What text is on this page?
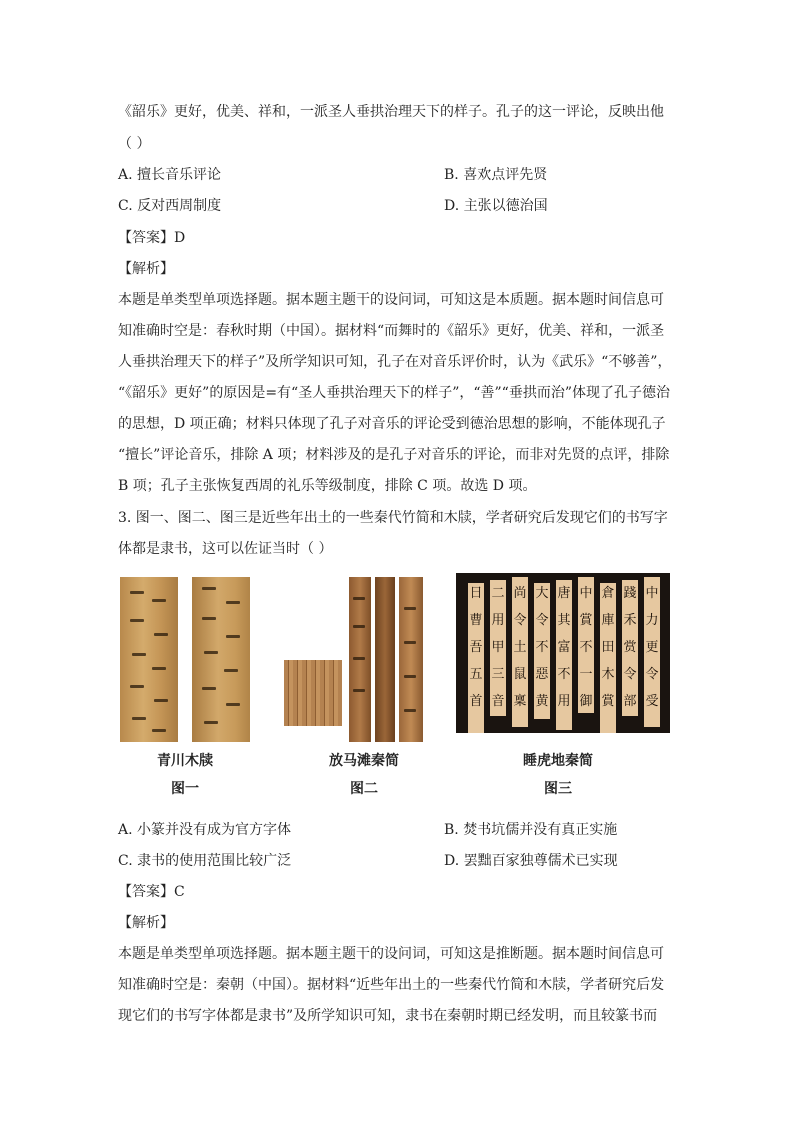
《韶乐》更好，优美、祥和，一派圣人垂拱治理天下的样子。孔子的这一评论，反映出他
（ ）
A. 擅长音乐评论	B. 喜欢点评先贤
C. 反对西周制度	D. 主张以德治国
【答案】D
【解析】
本题是单类型单项选择题。据本题主题干的设问词，可知这是本质题。据本题时间信息可
知准确时空是：春秋时期（中国）。据材料“而舞时的《韶乐》更好，优美、祥和，一派圣
人垂拱治理天下的样子”及所学知识可知，孔子在对音乐评价时，认为《武乐》“不够善”，
“《韶乐》更好”的原因是=有“圣人垂拱治理天下的样子”，“善”“垂拱而治”体现了孔子德治
的思想，D 项正确；材料只体现了孔子对音乐的评论受到德治思想的影响，不能体现孔子
“擅长”评论音乐，排除 A 项；材料涉及的是孔子对音乐的评论，而非对先贤的点评，排除
B 项；孔子主张恢复西周的礼乐等级制度，排除 C 项。故选 D 项。
3. 图一、图二、图三是近些年出土的一些秦代竹简和木牍，学者研究后发现它们的书写字
体都是隶书，这可以佐证当时（ ）
青川木牍
图一
放马滩秦简
图二
中
力
更
令
受
踐
禾
赏
令
部
倉
庫
田
木
賞
中
賞
不
一
御
唐
其
富
不
用
大
令
不
惡
黄
尚
令
土
鼠
稟
二
用
甲
三
音
日
曹
吾
五
首
睡虎地秦简
图三
A. 小篆并没有成为官方字体	B. 焚书坑儒并没有真正实施
C. 隶书的使用范围比较广泛	D. 罢黜百家独尊儒术已实现
【答案】C
【解析】
本题是单类型单项选择题。据本题主题干的设问词，可知这是推断题。据本题时间信息可
知准确时空是：秦朝（中国）。据材料“近些年出土的一些秦代竹简和木牍，学者研究后发
现它们的书写字体都是隶书”及所学知识可知，隶书在秦朝时期已经发明，而且较篆书而
